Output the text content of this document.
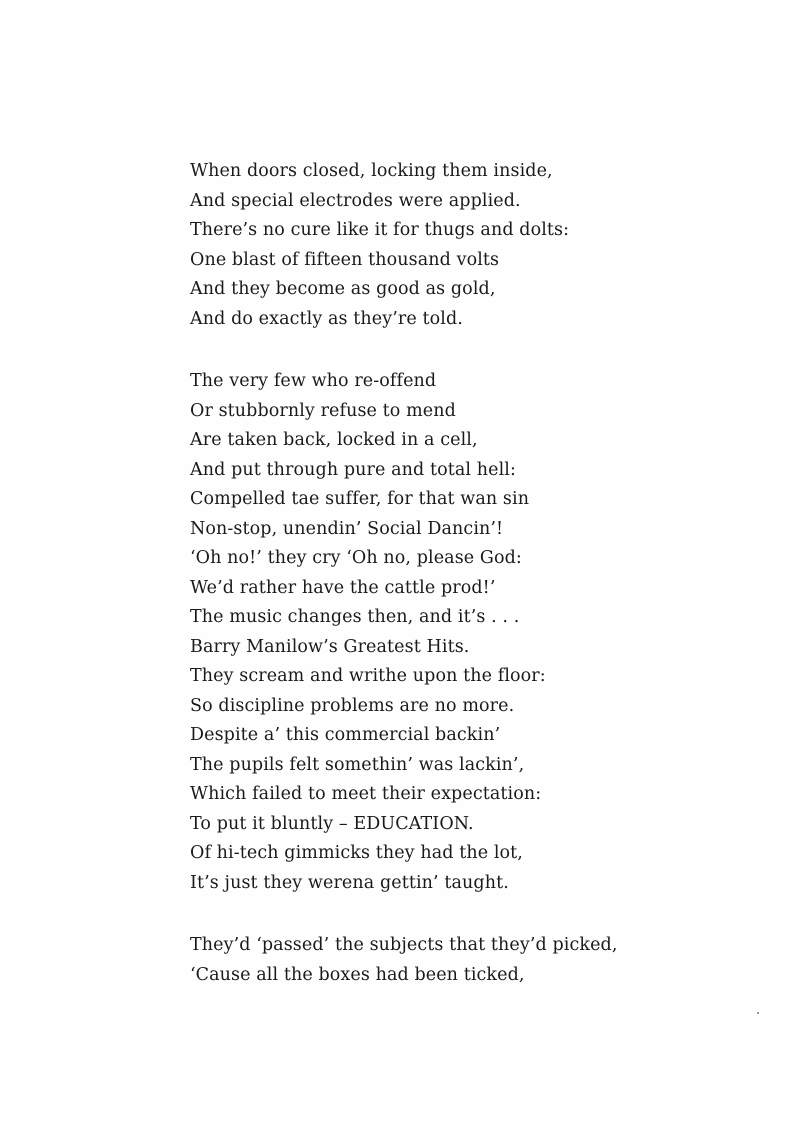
When doors closed, locking them inside,
And special electrodes were applied.
There’s no cure like it for thugs and dolts:
One blast of fifteen thousand volts
And they become as good as gold,
And do exactly as they’re told.
The very few who re-offend
Or stubbornly refuse to mend
Are taken back, locked in a cell,
And put through pure and total hell:
Compelled tae suffer, for that wan sin
Non-stop, unendin’ Social Dancin’!
‘Oh no!’ they cry ‘Oh no, please God:
We’d rather have the cattle prod!’
The music changes then, and it’s . . .
Barry Manilow’s Greatest Hits.
They scream and writhe upon the floor:
So discipline problems are no more.
Despite a’ this commercial backin’
The pupils felt somethin’ was lackin’,
Which failed to meet their expectation:
To put it bluntly – EDUCATION.
Of hi-tech gimmicks they had the lot,
It’s just they werena gettin’ taught.
They’d ‘passed’ the subjects that they’d picked,
‘Cause all the boxes had been ticked,
